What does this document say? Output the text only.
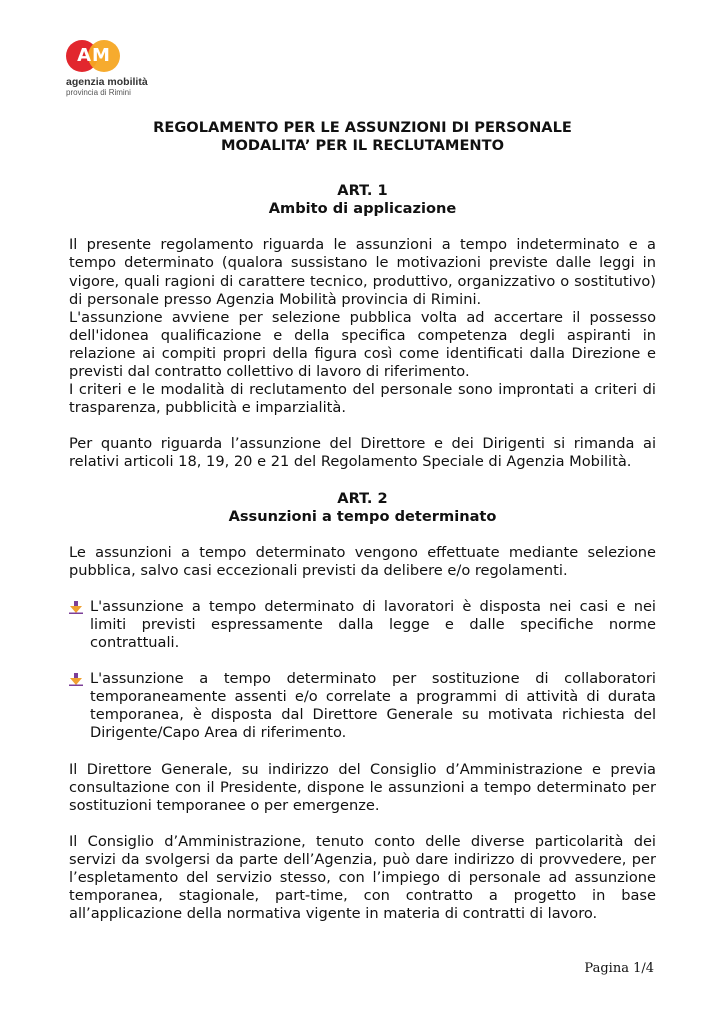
AM
agenzia mobilità
provincia di Rimini
REGOLAMENTO PER LE ASSUNZIONI DI PERSONALE
MODALITA’ PER IL RECLUTAMENTO
ART. 1
Ambito di applicazione

Il presente regolamento riguarda le assunzioni a tempo indeterminato e a tempo determinato (qualora sussistano le motivazioni previste dalle leggi in vigore, quali ragioni di carattere tecnico, produttivo, organizzativo o sostitutivo) di personale presso Agenzia Mobilità provincia di Rimini.

L'assunzione avviene per selezione pubblica volta ad accertare il possesso dell'idonea qualificazione e della specifica competenza degli aspiranti in relazione ai compiti propri della figura così come identificati dalla Direzione e previsti dal contratto collettivo di lavoro di riferimento.

I criteri e le modalità di reclutamento del personale sono improntati a criteri di trasparenza, pubblicità e imparzialità.

Per quanto riguarda l’assunzione del Direttore e dei Dirigenti si rimanda ai relativi articoli 18, 19, 20 e 21 del Regolamento Speciale di Agenzia Mobilità.

ART. 2
Assunzioni a tempo determinato

Le assunzioni a tempo determinato vengono effettuate mediante selezione pubblica, salvo casi eccezionali previsti da delibere e/o regolamenti.

L'assunzione a tempo determinato di lavoratori è disposta nei casi e nei limiti previsti espressamente dalla legge e dalle specifiche norme contrattuali.
L'assunzione a tempo determinato per sostituzione di collaboratori temporaneamente assenti e/o correlate a programmi di attività di durata temporanea, è disposta dal Direttore Generale su motivata richiesta del Dirigente/Capo Area di riferimento.

Il Direttore Generale, su indirizzo del Consiglio d’Amministrazione e previa consultazione con il Presidente, dispone le assunzioni a tempo determinato per sostituzioni temporanee o per emergenze.

Il Consiglio d’Amministrazione, tenuto conto delle diverse particolarità dei servizi da svolgersi da parte dell’Agenzia, può dare indirizzo di provvedere, per l’espletamento del servizio stesso, con l’impiego di personale ad assunzione temporanea, stagionale, part-time, con contratto a progetto in base all’applicazione della normativa vigente in materia di contratti di lavoro.

Pagina 1/4
